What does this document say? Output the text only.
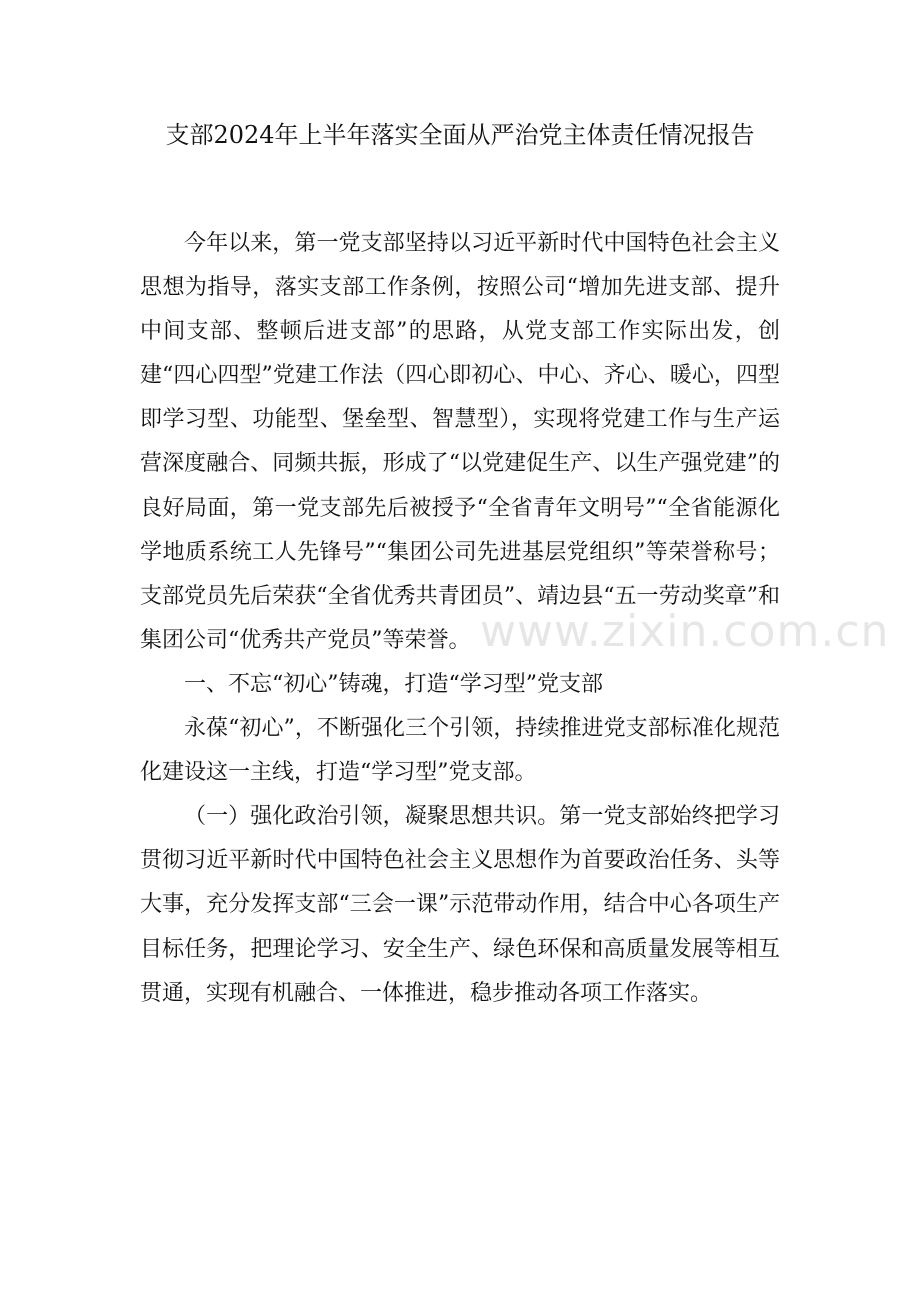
支部2024年上半年落实全面从严治党主体责任情况报告

今年以来，第一党支部坚持以习近平新时代中国特色社会主义思想为指导，落实支部工作条例，按照公司“增加先进支部、提升中间支部、整顿后进支部”的思路，从党支部工作实际出发，创建“四心四型”党建工作法（四心即初心、中心、齐心、暖心，四型即学习型、功能型、堡垒型、智慧型），实现将党建工作与生产运营深度融合、同频共振，形成了“以党建促生产、以生产强党建”的良好局面，第一党支部先后被授予“全省青年文明号”“全省能源化学地质系统工人先锋号”“集团公司先进基层党组织”等荣誉称号；支部党员先后荣获“全省优秀共青团员”、靖边县“五一劳动奖章”和集团公司“优秀共产党员”等荣誉。

一、不忘“初心”铸魂，打造“学习型”党支部

永葆“初心”，不断强化三个引领，持续推进党支部标准化规范化建设这一主线，打造“学习型”党支部。

（一）强化政治引领，凝聚思想共识。第一党支部始终把学习贯彻习近平新时代中国特色社会主义思想作为首要政治任务、头等大事，充分发挥支部“三会一课”示范带动作用，结合中心各项生产目标任务，把理论学习、安全生产、绿色环保和高质量发展等相互贯通，实现有机融合、一体推进，稳步推动各项工作落实。

www.zixin.com.cn
